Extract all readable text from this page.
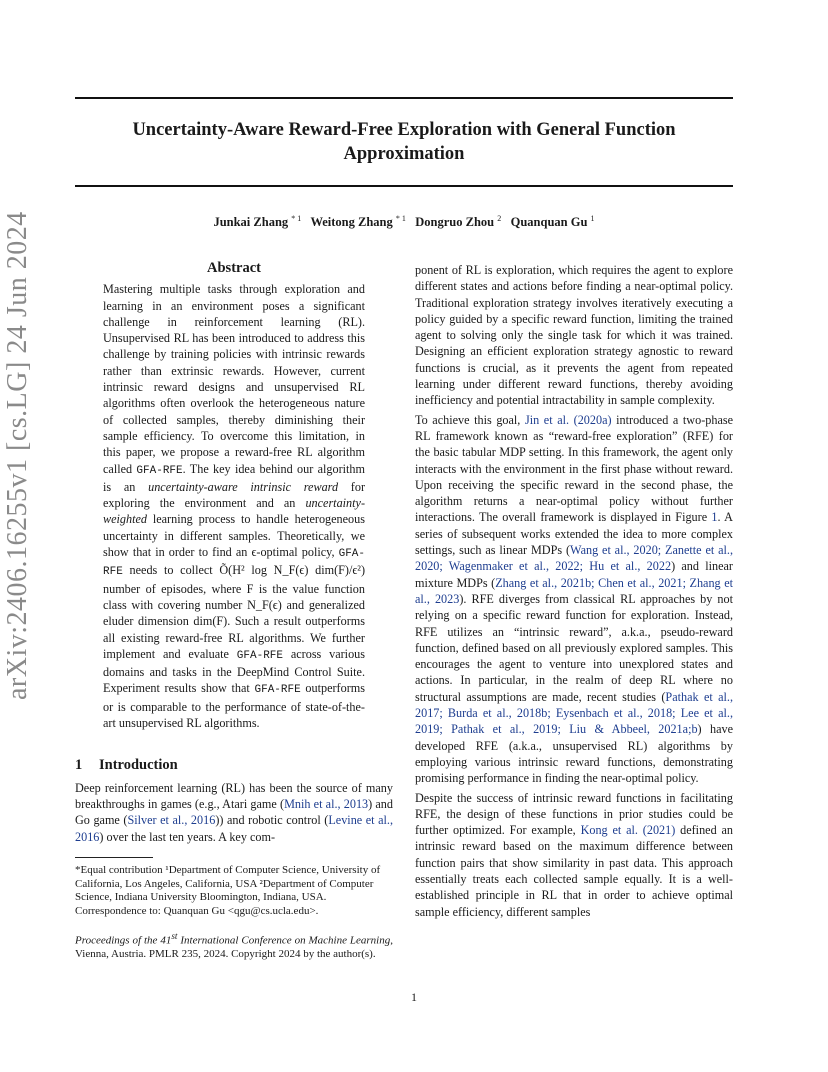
Uncertainty-Aware Reward-Free Exploration with General Function
Approximation
Junkai Zhang $^{* 1}$ Weitong Zhang $^{* 1}$ Dongruo Zhou $^2$ Quanquan Gu $^1$
arXiv:2406.16255v1 [cs.LG] 24 Jun 2024	Abstract

Mastering multiple tasks through exploration and learning in an environment poses a significant challenge in reinforcement learning (RL). Unsupervised RL has been introduced to address this challenge by training policies with intrinsic rewards rather than extrinsic rewards. However, current intrinsic reward designs and unsupervised RL algorithms often overlook the heterogeneous nature of collected samples, thereby diminishing their sample efficiency. To overcome this limitation, in this paper, we propose a reward-free RL algorithm called GFA-RFE. The key idea behind our algorithm is an uncertainty-aware intrinsic reward for exploring the environment and an uncertainty-weighted learning process to handle heterogeneous uncertainty in different samples. Theoretically, we show that in order to find an ϵ-optimal policy, GFA-RFE needs to collect Õ(H² log N_F(ϵ) dim(F)/ϵ²) number of episodes, where F is the value function class with covering number N_F(ϵ) and generalized eluder dimension dim(F). Such a result outperforms all existing reward-free RL algorithms. We further implement and evaluate GFA-RFE across various domains and tasks in the DeepMind Control Suite. Experiment results show that GFA-RFE outperforms or is comparable to the performance of state-of-the-art unsupervised RL algorithms.

1 Introduction

Deep reinforcement learning (RL) has been the source of many breakthroughs in games (e.g., Atari game (Mnih et al., 2013) and Go game (Silver et al., 2016)) and robotic control (Levine et al., 2016) over the last ten years. A key com-

*Equal contribution ¹Department of Computer Science, University of California, Los Angeles, California, USA ²Department of Computer Science, Indiana University Bloomington, Indiana, USA. Correspondence to: Quanquan Gu <qgu@cs.ucla.edu>.
Proceedings of the 41st International Conference on Machine Learning, Vienna, Austria. PMLR 235, 2024. Copyright 2024 by the author(s).

ponent of RL is exploration, which requires the agent to explore different states and actions before finding a near-optimal policy. Traditional exploration strategy involves iteratively executing a policy guided by a specific reward function, limiting the trained agent to solving only the single task for which it was trained. Designing an efficient exploration strategy agnostic to reward functions is crucial, as it prevents the agent from repeated learning under different reward functions, thereby avoiding inefficiency and potential intractability in sample complexity.

To achieve this goal, Jin et al. (2020a) introduced a two-phase RL framework known as “reward-free exploration” (RFE) for the basic tabular MDP setting. In this framework, the agent only interacts with the environment in the first phase without reward. Upon receiving the specific reward in the second phase, the algorithm returns a near-optimal policy without further interactions. The overall framework is displayed in Figure 1. A series of subsequent works extended the idea to more complex settings, such as linear MDPs (Wang et al., 2020; Zanette et al., 2020; Wagenmaker et al., 2022; Hu et al., 2022) and linear mixture MDPs (Zhang et al., 2021b; Chen et al., 2021; Zhang et al., 2023). RFE diverges from classical RL approaches by not relying on a specific reward function for exploration. Instead, RFE utilizes an “intrinsic reward”, a.k.a., pseudo-reward function, defined based on all previously explored samples. This encourages the agent to venture into unexplored states and actions. In particular, in the realm of deep RL where no structural assumptions are made, recent studies (Pathak et al., 2017; Burda et al., 2018b; Eysenbach et al., 2018; Lee et al., 2019; Pathak et al., 2019; Liu & Abbeel, 2021a;b) have developed RFE (a.k.a., unsupervised RL) algorithms by employing various intrinsic reward functions, demonstrating promising performance in finding the near-optimal policy.

Despite the success of intrinsic reward functions in facilitating RFE, the design of these functions in prior studies could be further optimized. For example, Kong et al. (2021) defined an intrinsic reward based on the maximum difference between function pairs that show similarity in past data. This approach essentially treats each collected sample equally. It is a well-established principle in RL that in order to achieve optimal sample efficiency, different samples

1
